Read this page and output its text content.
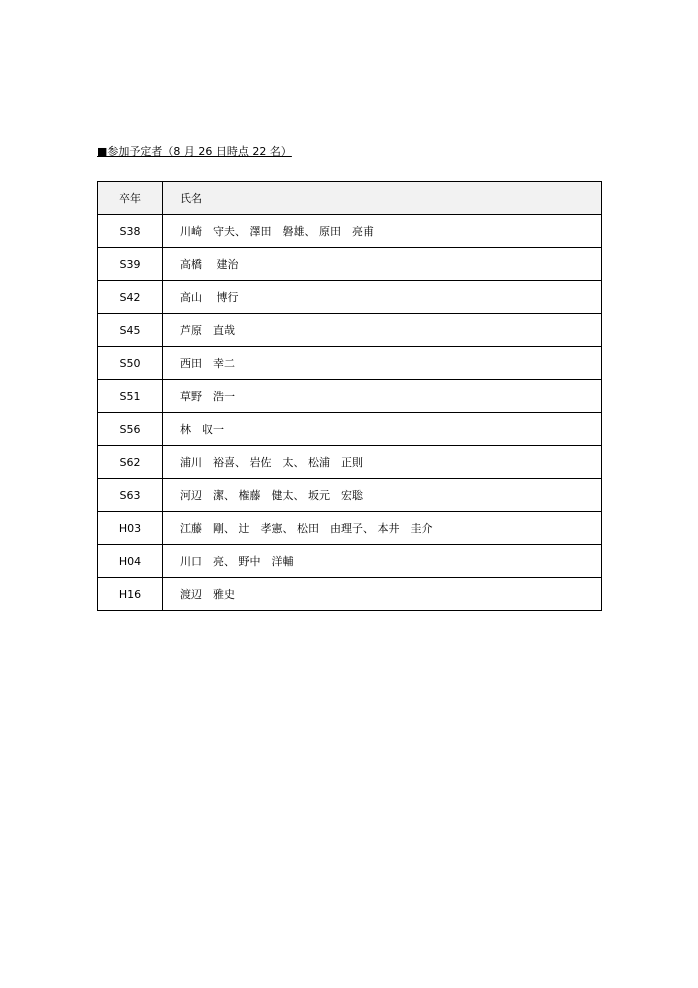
■参加予定者（8 月 26 日時点 22 名）
卒年	氏名
S38	川崎　守夫、 澤田　磐雄、 原田　亮甫
S39	高橋　 建治
S42	高山　 博行
S45	芦原　直哉
S50	西田　幸二
S51	草野　浩一
S56	林　収一
S62	浦川　裕喜、 岩佐　太、 松浦　正則
S63	河辺　潔、 権藤　健太、 坂元　宏聡
H03	江藤　剛、 辻　孝憲、 松田　由理子、 本井　圭介
H04	川口　亮、 野中　洋輔
H16	渡辺　雅史
